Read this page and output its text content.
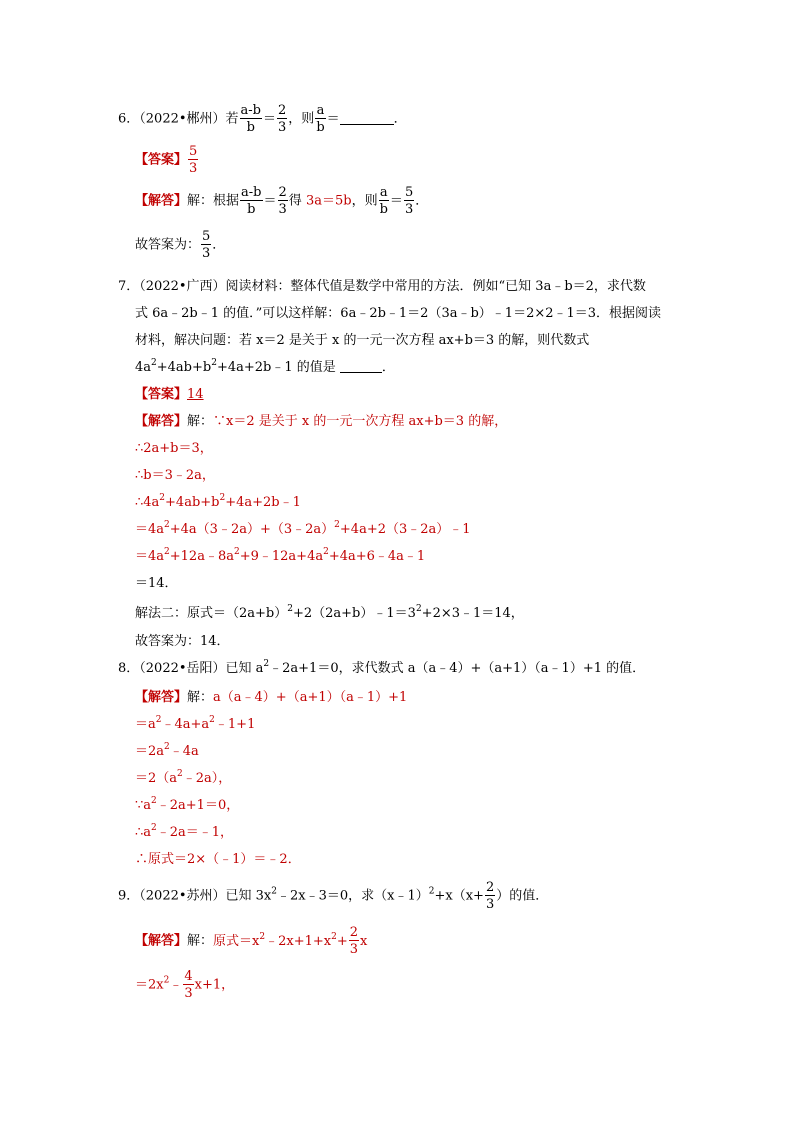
6．（2022•郴州）若 $\frac{a-b}{b} = \frac{2}{3}$ ，则 $\frac{a}{b}$ ＝	．
【答案】 $\frac{5}{3}$
【解答】解：根据 $\frac{a-b}{b} = \frac{2}{3}$ 得 3a＝5b，则 $\frac{a}{b} = \frac{5}{3}$ ．
故答案为： $\frac{5}{3}$ ．
7．（2022•广西）阅读材料：整体代值是数学中常用的方法．例如“已知 3a﹣b＝2，求代数
式 6a﹣2b﹣1 的值．”可以这样解：6a﹣2b﹣1＝2（3a﹣b）﹣1＝2×2﹣1＝3．根据阅读
材料，解决问题：若 x＝2 是关于 x 的一元一次方程 ax+b＝3 的解，则代数式
$4a^2+4ab+b^2+4a+2b﹣1$ 的值是	．
【答案】14
【解答】解：∵x＝2 是关于 x 的一元一次方程 ax+b＝3 的解，
∴2a+b＝3，
∴b＝3﹣2a，
$\therefore 4a^2+4ab+b^2+4a+2b﹣1$
$=4a^2+4a(3﹣2a)+(3﹣2a)^2+4a+2(3﹣2a)﹣1$
$=4a^2+12a﹣8a^2+9﹣12a+4a^2+4a+6﹣4a﹣1$
＝14．
解法二：原式$=(2a+b)^2+2(2a+b)﹣1=3^2+2\times 3﹣1=14$，
故答案为：14．
8．（2022•岳阳）已知 $a^2﹣2a+1=0$，求代数式 a（a﹣4）+（a+1）（a﹣1）+1 的值．
【解答】解：a（a﹣4）+（a+1）（a﹣1）+1
$=a^2﹣4a+a^2﹣1+1$
$=2a^2﹣4a$
$=2(a^2﹣2a)$，
$\because a^2﹣2a+1=0$，
$\therefore a^2﹣2a=﹣1$，
∴原式＝2×（﹣1）＝﹣2．
9．（2022•苏州）已知 $3x^2﹣2x﹣3=0$，求（x﹣1）$^2$+x（x+ $\frac{2}{3}$ ）的值．
【解答】解：原式$=x^2﹣2x+1+x^2+ \frac{2}{3}$ x
$=2x^2﹣ \frac{4}{3} x+1$，
